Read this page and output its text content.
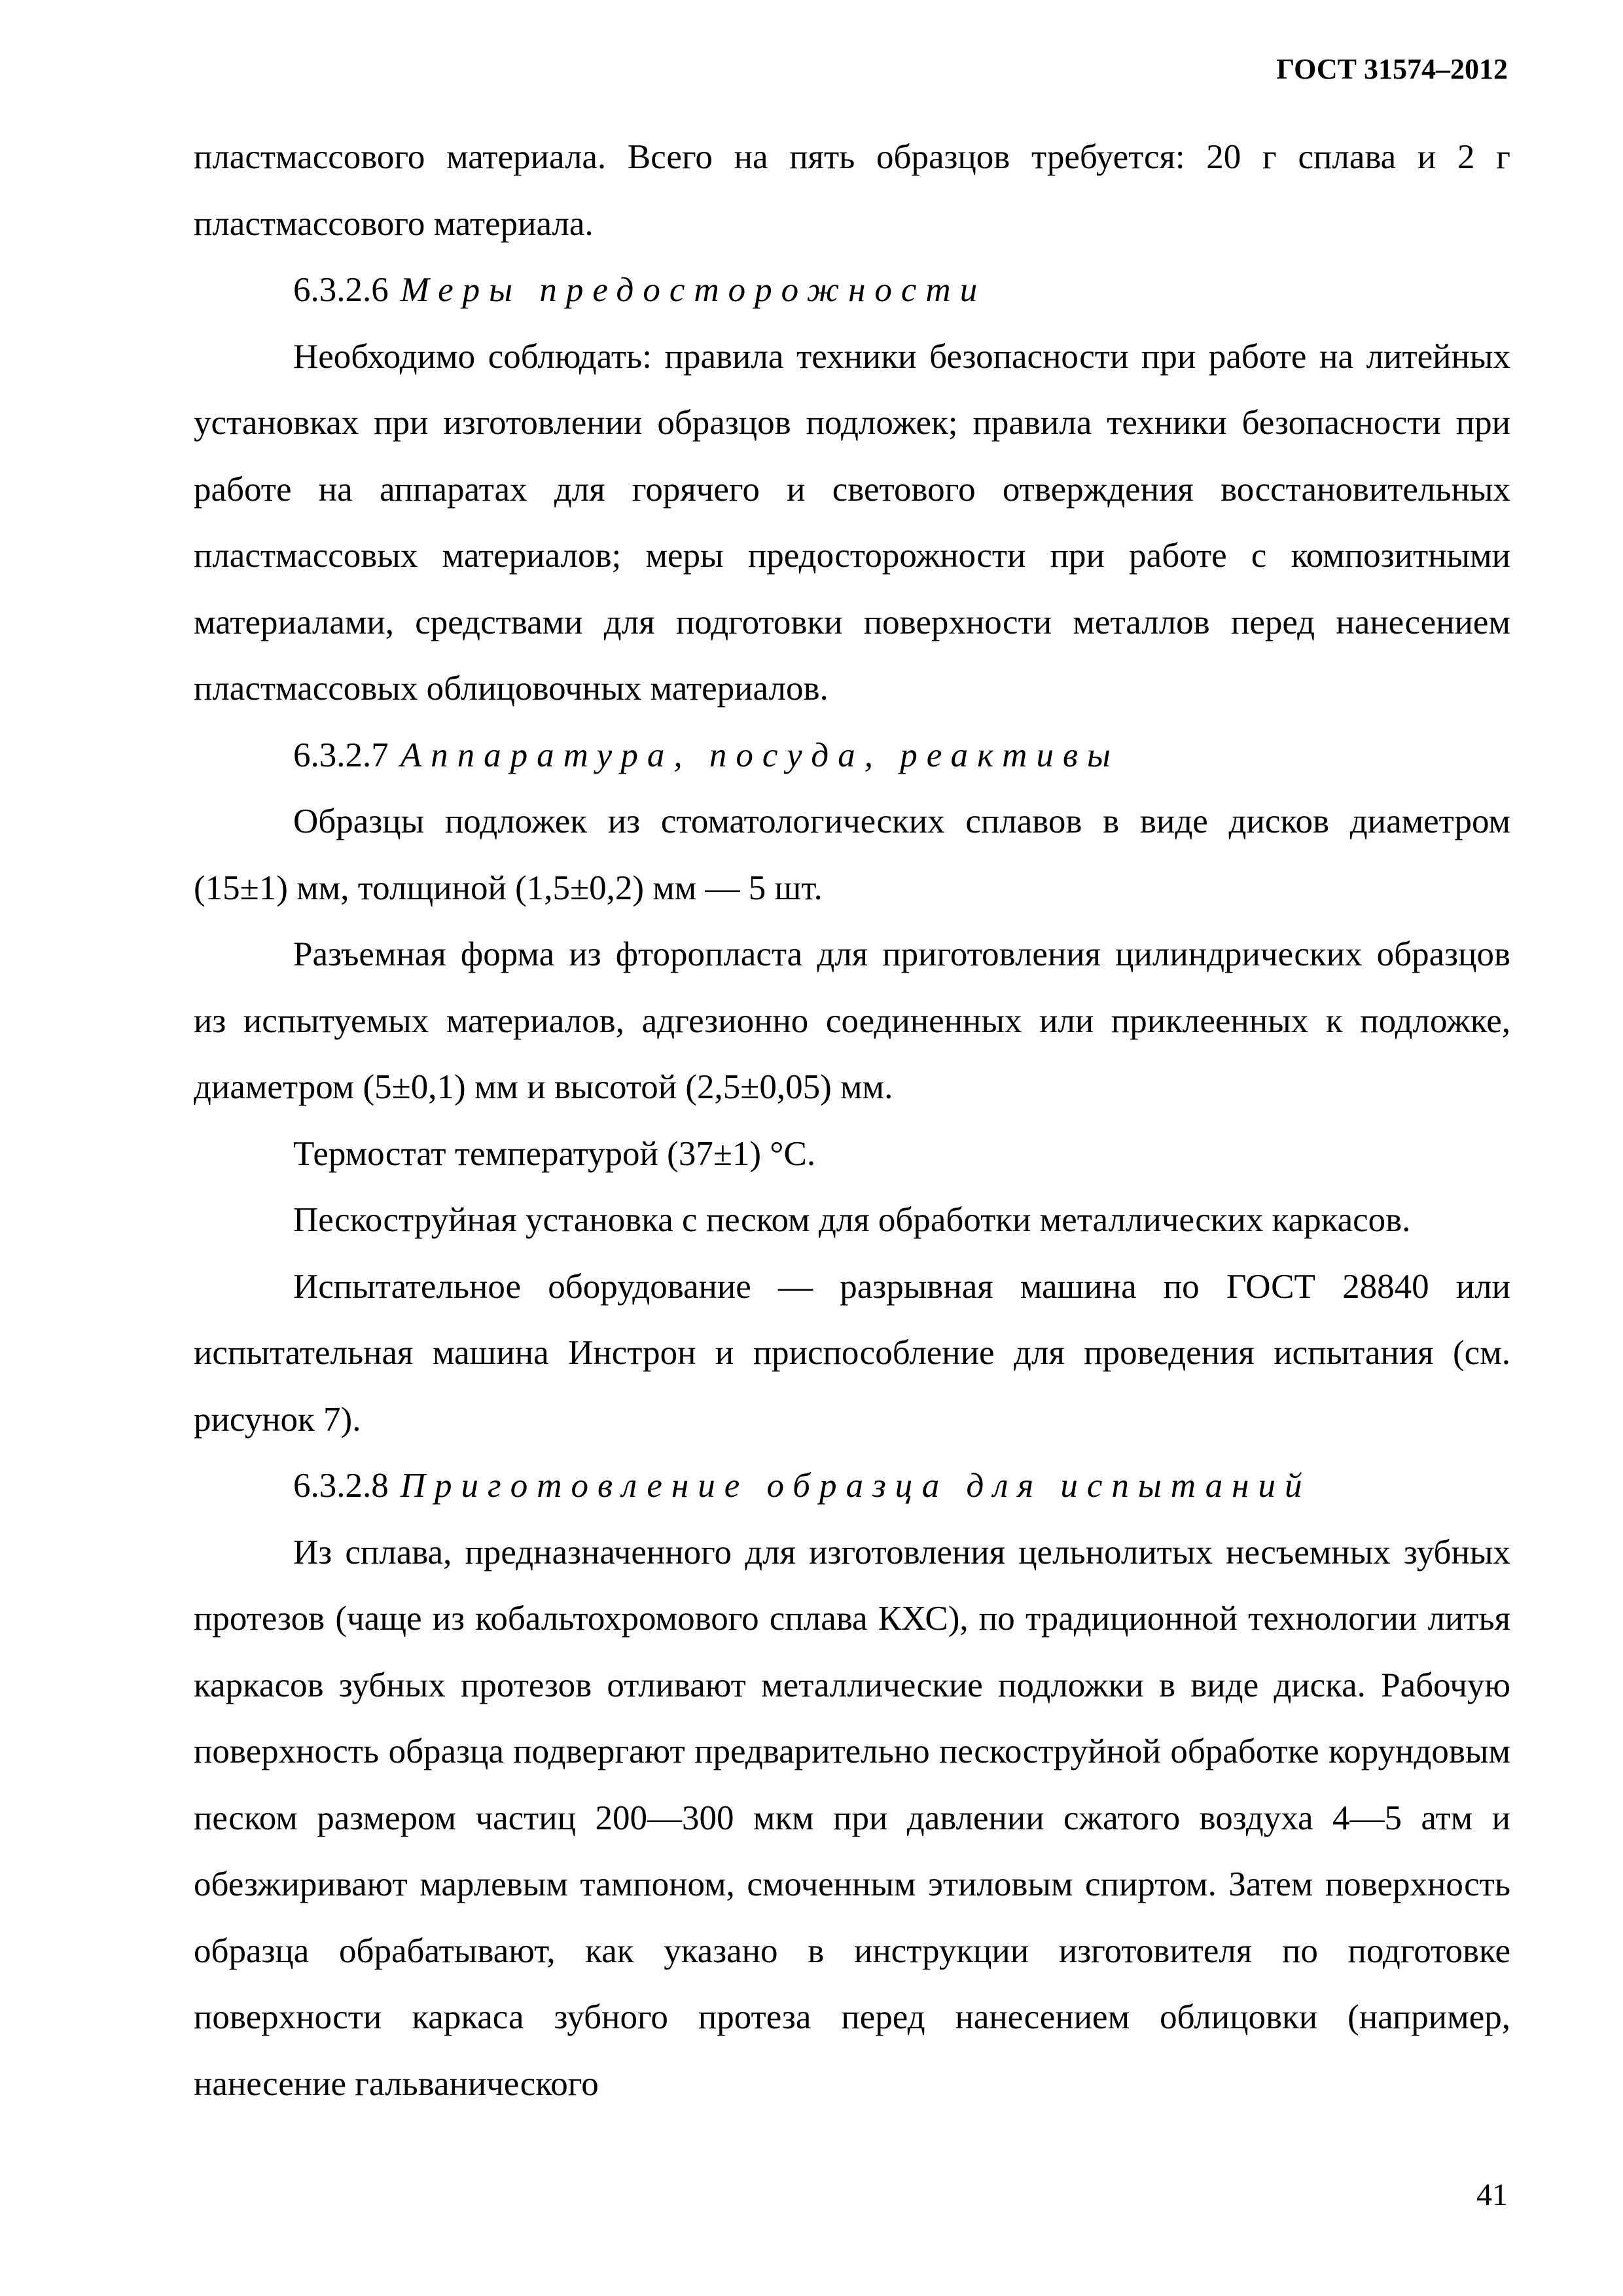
ГОСТ 31574–2012

пластмассового материала. Всего на пять образцов требуется: 20 г сплава и 2 г пластмассового материала.

6.3.2.6 Меры предосторожности

Необходимо соблюдать: правила техники безопасности при работе на литейных установках при изготовлении образцов подложек; правила техники безопасности при работе на аппаратах для горячего и светового отверждения восстановительных пластмассовых материалов; меры предосторожности при работе с композитными материалами, средствами для подготовки поверхности металлов перед нанесением пластмассовых облицовочных материалов.

6.3.2.7 Аппаратура, посуда, реактивы

Образцы подложек из стоматологических сплавов в виде дисков диаметром (15±1) мм, толщиной (1,5±0,2) мм — 5 шт.

Разъемная форма из фторопласта для приготовления цилиндрических образцов из испытуемых материалов, адгезионно соединенных или приклеенных к подложке, диаметром (5±0,1) мм и высотой (2,5±0,05) мм.

Термостат температурой (37±1) °С.

Пескоструйная установка с песком для обработки металлических каркасов.

Испытательное оборудование — разрывная машина по ГОСТ 28840 или испытательная машина Инстрон и приспособление для проведения испытания (см. рисунок 7).

6.3.2.8 Приготовление образца для испытаний

Из сплава, предназначенного для изготовления цельнолитых несъемных зубных протезов (чаще из кобальтохромового сплава КХС), по традиционной технологии литья каркасов зубных протезов отливают металлические подложки в виде диска. Рабочую поверхность образца подвергают предварительно пескоструйной обработке корундовым песком размером частиц 200—300 мкм при давлении сжатого воздуха 4—5 атм и обезжиривают марлевым тампоном, смоченным этиловым спиртом. Затем поверхность образца обрабатывают, как указано в инструкции изготовителя по подготовке поверхности каркаса зубного протеза перед нанесением облицовки (например, нанесение гальванического

41
